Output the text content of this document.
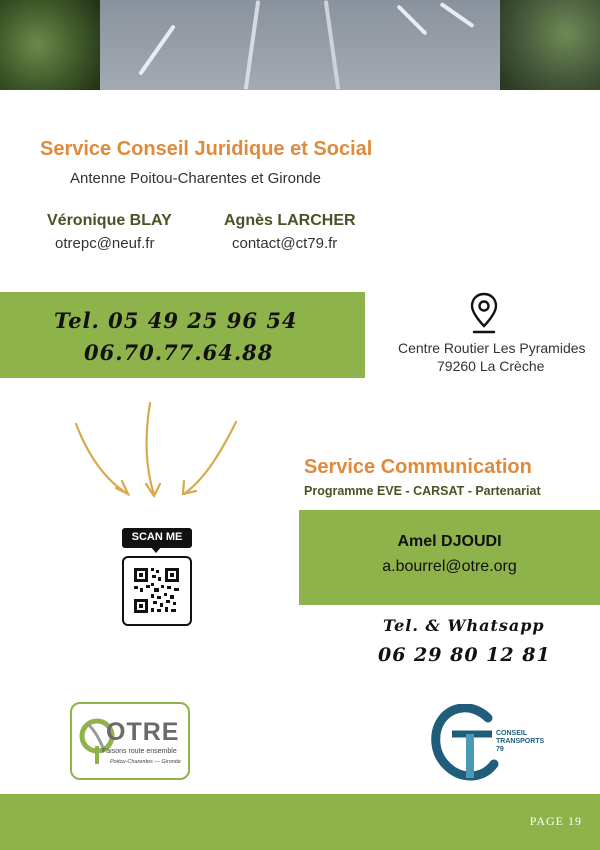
Service Conseil Juridique et Social
Antenne Poitou-Charentes et Gironde
Véronique BLAY
otrepc@neuf.fr
Agnès LARCHER
contact@ct79.fr
Tel. 05 49 25 96 54
06.70.77.64.88	Centre Routier Les Pyramides
79260 La Crèche
SCAN ME
Service Communication
Programme EVE - CARSAT - Partenariat
Amel DJOUDI
a.bourrel@otre.org
Tel. & Whatsapp
06 29 80 12 81
OTRE
Faisons route ensemble
Poitou-Charentes — Gironde
CONSEIL
TRANSPORTS
79
PAGE 19
